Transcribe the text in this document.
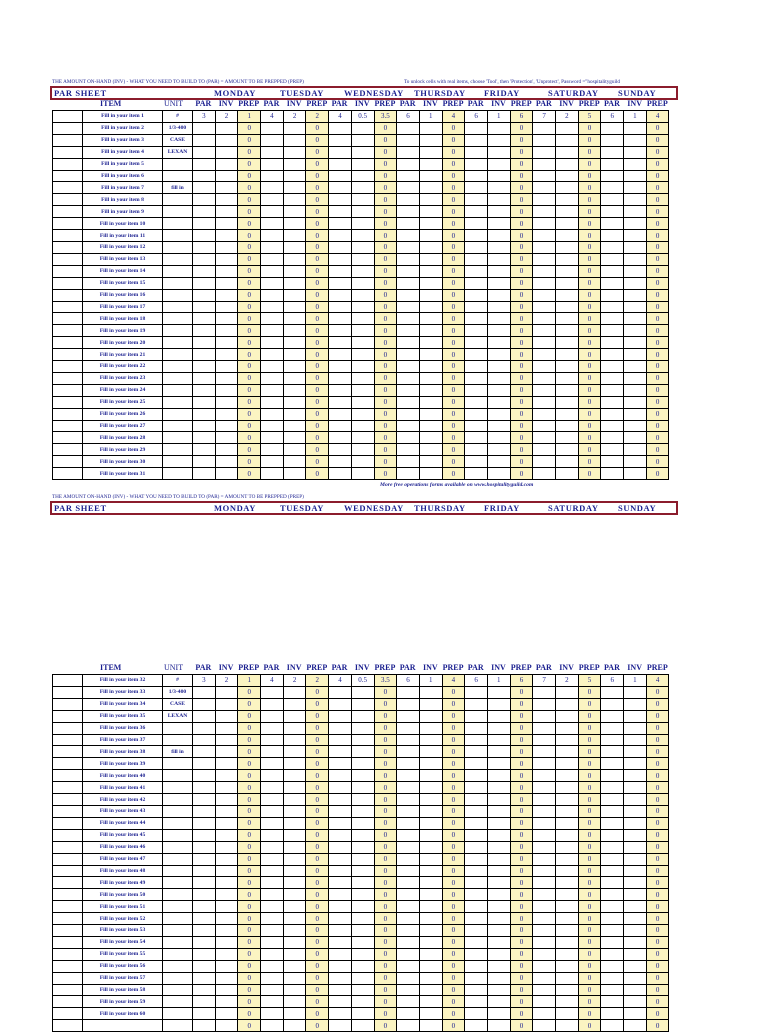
THE AMOUNT ON-HAND (INV) - WHAT YOU NEED TO BUILD TO (PAR) = AMOUNT TO BE PREPPED (PREP)	To unlock cells with real items, choose 'Tool', then 'Protection', 'Unprotect', Password ="hospitalityguild
PAR SHEET	MONDAY	TUESDAY WEDNESDAY THURSDAY FRIDAY	SATURDAY SUNDAY
ITEM	UNIT	PAR INV PREP PAR INV PREP PAR INV PREP PAR INV PREP PAR INV PREP PAR INV PREP PAR INV PREP
	Fill in your item 1	#	3	2	1	4	2	2	4	0.5	3.5	6	1	4	6	1	6	7	2	5	6	1	4
	Fill in your item 2	1/3-400			0			0			0			0			0			0			0
	Fill in your item 3	CASE			0			0			0			0			0			0			0
	Fill in your item 4	LEXAN			0			0			0			0			0			0			0
	Fill in your item 5				0			0			0			0			0			0			0
	Fill in your item 6				0			0			0			0			0			0			0
	Fill in your item 7	fill in			0			0			0			0			0			0			0
	Fill in your item 8				0			0			0			0			0			0			0
	Fill in your item 9				0			0			0			0			0			0			0
	Fill in your item 10				0			0			0			0			0			0			0
	Fill in your item 11				0			0			0			0			0			0			0
	Fill in your item 12				0			0			0			0			0			0			0
	Fill in your item 13				0			0			0			0			0			0			0
	Fill in your item 14				0			0			0			0			0			0			0
	Fill in your item 15				0			0			0			0			0			0			0
	Fill in your item 16				0			0			0			0			0			0			0
	Fill in your item 17				0			0			0			0			0			0			0
	Fill in your item 18				0			0			0			0			0			0			0
	Fill in your item 19				0			0			0			0			0			0			0
	Fill in your item 20				0			0			0			0			0			0			0
	Fill in your item 21				0			0			0			0			0			0			0
	Fill in your item 22				0			0			0			0			0			0			0
	Fill in your item 23				0			0			0			0			0			0			0
	Fill in your item 24				0			0			0			0			0			0			0
	Fill in your item 25				0			0			0			0			0			0			0
	Fill in your item 26				0			0			0			0			0			0			0
	Fill in your item 27				0			0			0			0			0			0			0
	Fill in your item 28				0			0			0			0			0			0			0
	Fill in your item 29				0			0			0			0			0			0			0
	Fill in your item 30				0			0			0			0			0			0			0
	Fill in your item 31				0			0			0			0			0			0			0
More free operations forms available on www.hospitalityguild.com
THE AMOUNT ON-HAND (INV) - WHAT YOU NEED TO BUILD TO (PAR) = AMOUNT TO BE PREPPED (PREP)
PAR SHEET	MONDAY	TUESDAY WEDNESDAY THURSDAY FRIDAY	SATURDAY SUNDAY
ITEM	UNIT	PAR INV PREP PAR INV PREP PAR INV PREP PAR INV PREP PAR INV PREP PAR INV PREP PAR INV PREP
	Fill in your item 32	#	3	2	1	4	2	2	4	0.5	3.5	6	1	4	6	1	6	7	2	5	6	1	4
	Fill in your item 33	1/3-400			0			0			0			0			0			0			0
	Fill in your item 34	CASE			0			0			0			0			0			0			0
	Fill in your item 35	LEXAN			0			0			0			0			0			0			0
	Fill in your item 36				0			0			0			0			0			0			0
	Fill in your item 37				0			0			0			0			0			0			0
	Fill in your item 38	fill in			0			0			0			0			0			0			0
	Fill in your item 39				0			0			0			0			0			0			0
	Fill in your item 40				0			0			0			0			0			0			0
	Fill in your item 41				0			0			0			0			0			0			0
	Fill in your item 42				0			0			0			0			0			0			0
	Fill in your item 43				0			0			0			0			0			0			0
	Fill in your item 44				0			0			0			0			0			0			0
	Fill in your item 45				0			0			0			0			0			0			0
	Fill in your item 46				0			0			0			0			0			0			0
	Fill in your item 47				0			0			0			0			0			0			0
	Fill in your item 48				0			0			0			0			0			0			0
	Fill in your item 49				0			0			0			0			0			0			0
	Fill in your item 50				0			0			0			0			0			0			0
	Fill in your item 51				0			0			0			0			0			0			0
	Fill in your item 52				0			0			0			0			0			0			0
	Fill in your item 53				0			0			0			0			0			0			0
	Fill in your item 54				0			0			0			0			0			0			0
	Fill in your item 55				0			0			0			0			0			0			0
	Fill in your item 56				0			0			0			0			0			0			0
	Fill in your item 57				0			0			0			0			0			0			0
	Fill in your item 58				0			0			0			0			0			0			0
	Fill in your item 59				0			0			0			0			0			0			0
	Fill in your item 60				0			0			0			0			0			0			0
					0			0			0			0			0			0			0
